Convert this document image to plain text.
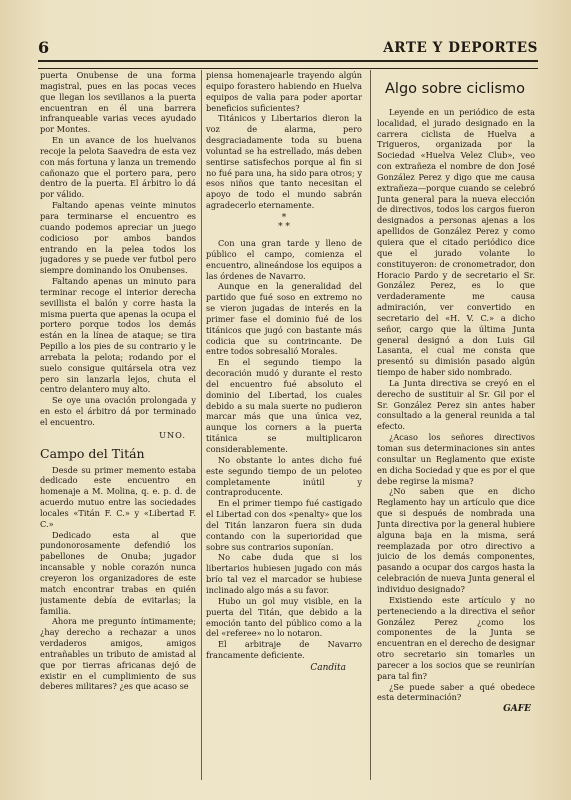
6	ARTE Y DEPORTES

puerta Onubense de una forma magistral, pues en las pocas veces que llegan los sevillanos a la puerta encuentran en él una barrera infranqueable varias veces ayudado por Montes.

En un avance de los huelvanos recoje la pelota Saavedra de esta vez con más fortuna y lanza un tremendo cañonazo que el portero para, pero dentro de la puerta. El árbitro lo dá por válido.

Faltando apenas veinte minutos para terminarse el encuentro es cuando podemos apreciar un juego codicioso por ambos bandos entrando en la pelea todos los jugadores y se puede ver futbol pero siempre dominando los Onubenses.

Faltando apenas un minuto para terminar recoge el interior derecha sevillista el balón y corre hasta la misma puerta que apenas la ocupa el portero porque todos los demás están en la línea de ataque; se tira Pepillo a los pies de su contrario y le arrebata la pelota; rodando por el suelo consigue quitársela otra vez pero sin lanzarla lejos, chuta el centro delantero muy alto.

Se oye una ovación prolongada y en esto el árbitro dá por terminado el encuentro.

UNO.
Campo del Titán

Desde su primer memento estaba dedicado este encuentro en homenaje a M. Molina, q. e. p. d. de acuerdo mutuo entre las sociedades locales «Titán F. C.» y «Libertad F. C.»

Dedicado esta al que pundonorosamente defendió los pabellones de Onuba; jugador incansable y noble corazón nunca creyeron los organizadores de este match encontrar trabas en quién justamente debía de evitarlas; la familia.

Ahora me pregunto íntimamente; ¿hay derecho a rechazar a unos verdaderos amigos, amigos entrañables un tributo de amistad al que por tierras africanas dejó de existir en el cumplimiento de sus deberes militares? ¿es que acaso se

piensa homenajearle trayendo algún equipo forastero habiendo en Huelva equipos de valia para poder aportar beneficios suficientes?

Titánicos y Libertarios dieron la voz de alarma, pero desgraciadamente toda su buena voluntad se ha estrellado, más deben sentirse satisfechos porque al fin si no fué para una, ha sido para otros; y esos niños que tanto necesitan el apoyo de todo el mundo sabrán agradecerlo eternamente.

*
* *

Con una gran tarde y lleno de público el campo, comienza el encuentro, alineándose los equipos a las órdenes de Navarro.

Aunque en la generalidad del partido que fué soso en extremo no se vieron jugadas de interés en la primer fase el dominio fué de los titánicos que jugó con bastante más codicia que su contrincante. De entre todos sobresalió Morales.

En el segundo tiempo la decoración mudó y durante el resto del encuentro fué absoluto el dominio del Libertad, los cuales debido a su mala suerte no pudieron marcar más que una única vez, aunque los corners a la puerta titánica se multiplicaron considerablemente.

No obstante lo antes dicho fué este segundo tiempo de un peloteo completamente inútil y contraproducente.

En el primer tiempo fué castigado el Libertad con dos «penalty» que los del Titán lanzaron fuera sin duda contando con la superioridad que sobre sus contrarios suponían.

No cabe duda que si los libertarios hubiesen jugado con más brío tal vez el marcador se hubiese inclinado algo más a su favor.

Hubo un gol muy visible, en la puerta del Titán, que debido a la emoción tanto del público como a la del «referee» no lo notaron.

El arbitraje de Navarro francamente deficiente.

Candita
Algo sobre ciclismo

Leyende en un periódico de esta localidad, el jurado designado en la carrera ciclista de Huelva a Trigueros, organizada por la Sociedad «Huelva Velez Club», veo con extrañeza el nombre de don José González Perez y digo que me causa extrañeza—porque cuando se celebró Junta general para la nueva elección de directivos, todos los cargos fueron designados a personas ajenas a los apellidos de González Perez y como quiera que el citado periódico dice que el jurado volante lo constituyeron: de cronometrador, don Horacio Pardo y de secretario el Sr. González Perez, es lo que verdaderamente me causa admiración, ver convertido en secretario del «H. V. C.» a dicho señor, cargo que la última Junta general designó a don Luis Gil Lasanta, el cual me consta que presentó su dimisión pasado algún tiempo de haber sido nombrado.

La Junta directiva se creyó en el derecho de sustituir al Sr. Gil por el Sr. González Perez sin antes haber consultado a la general reunida a tal efecto.

¿Acaso los señores directivos toman sus determinaciones sin antes consultar un Reglamento que existe en dicha Sociedad y que es por el que debe regirse la misma?

¿No saben que en dicho Reglamento hay un artículo que dice que si después de nombrada una Junta directiva por la general hubiere alguna baja en la misma, será reemplazada por otro directivo a juicio de los demás componentes, pasando a ocupar dos cargos hasta la celebración de nueva Junta general el individuo designado?

Existiendo este artículo y no perteneciendo a la directiva el señor González Perez ¿como los componentes de la Junta se encuentran en el derecho de designar otro secretario sin tomarles un parecer a los socios que se reunirían para tal fin?

¿Se puede saber a qué obedece esta determinación?

GAFE
